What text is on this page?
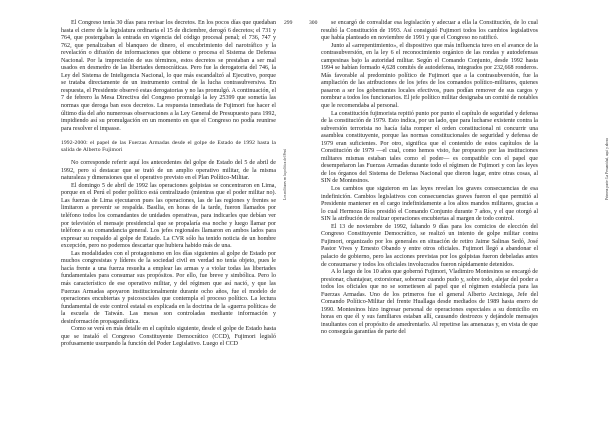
El Congreso tenía 30 días para revisar los decretos. En los pocos días que quedaban hasta el cierre de la legislatura ordinaria el 15 de diciembre, derogó 6 decretos; el 731 y 764, que postergaban la entrada en vigencia del código procesal penal; el 736, 747 y 762, que penalizaban el blanqueo de dinero, el encubrimiento del narotráfico y la revelación o difusión de informaciones que obtiene o procesa el Sistema de Defensa Nacional. Por la imprecisión de sus términos, estos decretos se prestaban a ser mal usados en desmedro de las libertades democráticas. Pero fue la derogatoria del 746, la Ley del Sistema de Inteligencia Nacional, lo que más escandalizó al Ejecutivo, porque se trataba directamente de un instrumento central de la lucha contrasubversiva. En respuesta, el Presidente observó estas derogatorias y no las promulgó. A continuación, el 7 de febrero la Mesa Directiva del Congreso promulgó la ley 25399 que sometía las normas que deroga ban esos decretos. La respuesta inmediata de Fujimori fue hacer el último día del año numerosas observaciones a la Ley General de Presupuesto para 1992, impidiendo así su promulgación en un momento en que el Congreso no podía reunirse para resolver el impasse.

1992-2000: el papel de las Fuerzas Armadas desde el golpe de Estado de 1992 hasta la salida de Alberto Fujimori

No corresponde referir aquí los antecedentes del golpe de Estado del 5 de abril de 1992, pero sí destacar que se trató de un amplio operativo militar, de la misma naturaleza y dimensiones que el operativo previsto en el Plan Político-Militar.

El domingo 5 de abril de 1992 las operaciones golpistas se concentraron en Lima, porque en el Perú el poder político está centralizado (mientras que el poder militar no). Las fuerzas de Lima ejecutaron pues las operaciones, las de las regiones y frentes se limitaron a prevenir se respalda. Basilia, en horas de la tarde, fueron llamados por teléfono todos los comandantes de unidades operativas, para indicarles que debían ver por televisión el mensaje presidencial que se propalaría esa noche y luego llamar por teléfono a su comandancia general. Los jefes regionales llamaron en ambos lados para expresar su respaldo al golpe de Estado. La CVR sólo ha tenido noticia de un hombre excepción, pero no podemos descartar que hubiera habido más de una.

Las modalidades con el protagonismo en los días siguientes al golpe de Estado por muchos congresistas y líderes de la sociedad civil en verdad no tenía objeto, pues le hacía frente a una fuerza resuelta a emplear las armas y a violar todas las libertades fundamentales para consumar sus propósitos. Por ello, fue breve y simbólica. Pero lo más característico de ese operativo militar, y del régimen que así nació, y que las Fuerzas Armadas apoyaron institucionalmente durante ocho años, fue el modelo de operaciones encubiertas y psicosociales que contempla el proceso político. La lectura fundamental de este control estatal es explicada en la doctrina de la «guerra política» de la escuela de Taiwán. Las mesas son controladas mediante información y desinformación propagandística.

Como se verá en más detalle en el capítulo siguiente, desde el golpe de Estado hasta que se instaló el Congreso Constituyente Democrático (CCD), Fujimori legisló profusamente usurpando la función del Poder Legislativo. Luego el CCD

299
Los militares en la política del Perú
300
Primera parte: La Peruanidad, aquí y ahora

se encargó de convalidar esa legislación y adecuar a ella la Constitución, de lo cual resultó la Constitución de 1993. Así consiguió Fujimori todos los cambios legislativos que había planteado en noviembre de 1991 y que el Congreso no ratificó.

Junto al «arrepentimiento», el dispositivo que más influencia tuvo en el avance de la contrasubversión, en la ley 6 el reconocimiento orgánico de las rondas y autodefensas campesinas bajo la autoridad militar. Según el Comando Conjunto, desde 1992 hasta 1994 se habían formado 4,628 comités de autodefensa, integrados por 232,668 ronderos. Más favorable al predominio político de Fujimori que a la contrasubversión, fue la ampliación de las atribuciones de los jefes de los comandos político-militares, quienes pasaron a ser los gobernantes locales efectivos, pues podían remover de sus cargos y nombrar a todos los funcionarios. El jefe político militar designaba un comité de notables que le recomendaba al personal.

La constitución fujimorista repitió punto por punto el capítulo de seguridad y defensa de la constitución de 1979. Esto indica, por un lado, que para lucharse existente contra la subversión terrorista no hacía falta romper el orden constitucional ni concurrir una asamblea constituyente, porque las normas constitucionales de seguridad y defensa de 1979 eran suficientes. Por otro, significa que el contenido de estos capítulos de la Constitución de 1979 —el cual, como hemos visto, fue propuesto por las instituciones militares mismas estaban tales como el poder— es compatible con el papel que desempeñaron las Fuerzas Armadas durante todo el régimen de Fujimori y con las leyes de los órganos del Sistema de Defensa Nacional que dieron lugar, entre otras cosas, al SIN de Montesinos.

Los cambios que siguieron en las leyes revelan los graves consecuencias de esa indefinición. Cambios legislativos con consecuencias graves fueron el que permitió al Presidente mantener en el cargo indefinidamente a los altos mandos militares, gracias a lo cual Hermoza Ríos presidió el Comando Conjunto durante 7 años, y el que otorgó al SIN la atribución de realizar operaciones encubiertas al margen de todo control.

El 13 de noviembre de 1992, faltando 9 días para los comicios de elección del Congreso Constituyente Democrático, se realizó un intento de golpe militar contra Fujimori, organizado por los generales en situación de retiro Jaime Salinas Sedó, José Pastor Vives y Ernesto Obando y entre otros oficiales. Fujimori llegó a abandonar el palacio de gobierno, pero las acciones previstas por los golpistas fueron debeladas antes de consumarse y todos los oficiales involucrados fueron rápidamente detenidos.

A lo largo de los 10 años que gobernó Fujimori, Vladimiro Montesinos se encargó de presionar, chantajear, extorsionar, sobornar cuando pudo y, sobre todo, alejar del poder a todos los oficiales que no se sometiesen al papel que el régimen establecía para las Fuerzas Armadas. Uno de los primeros fue el general Alberto Arciniega, Jefe del Comando Político-Militar del frente Huallaga desde mediados de 1989 hasta enero de 1990. Montesinos hizo ingresar personal de operaciones especiales a su domicilio en horas en que él y sus familiares estaban allí, causando destrozos y dejándole mensajes insultantes con el propósito de amedrentarlo. Al repetirse las amenazas y, en vista de que no conseguía garantías de parte del
